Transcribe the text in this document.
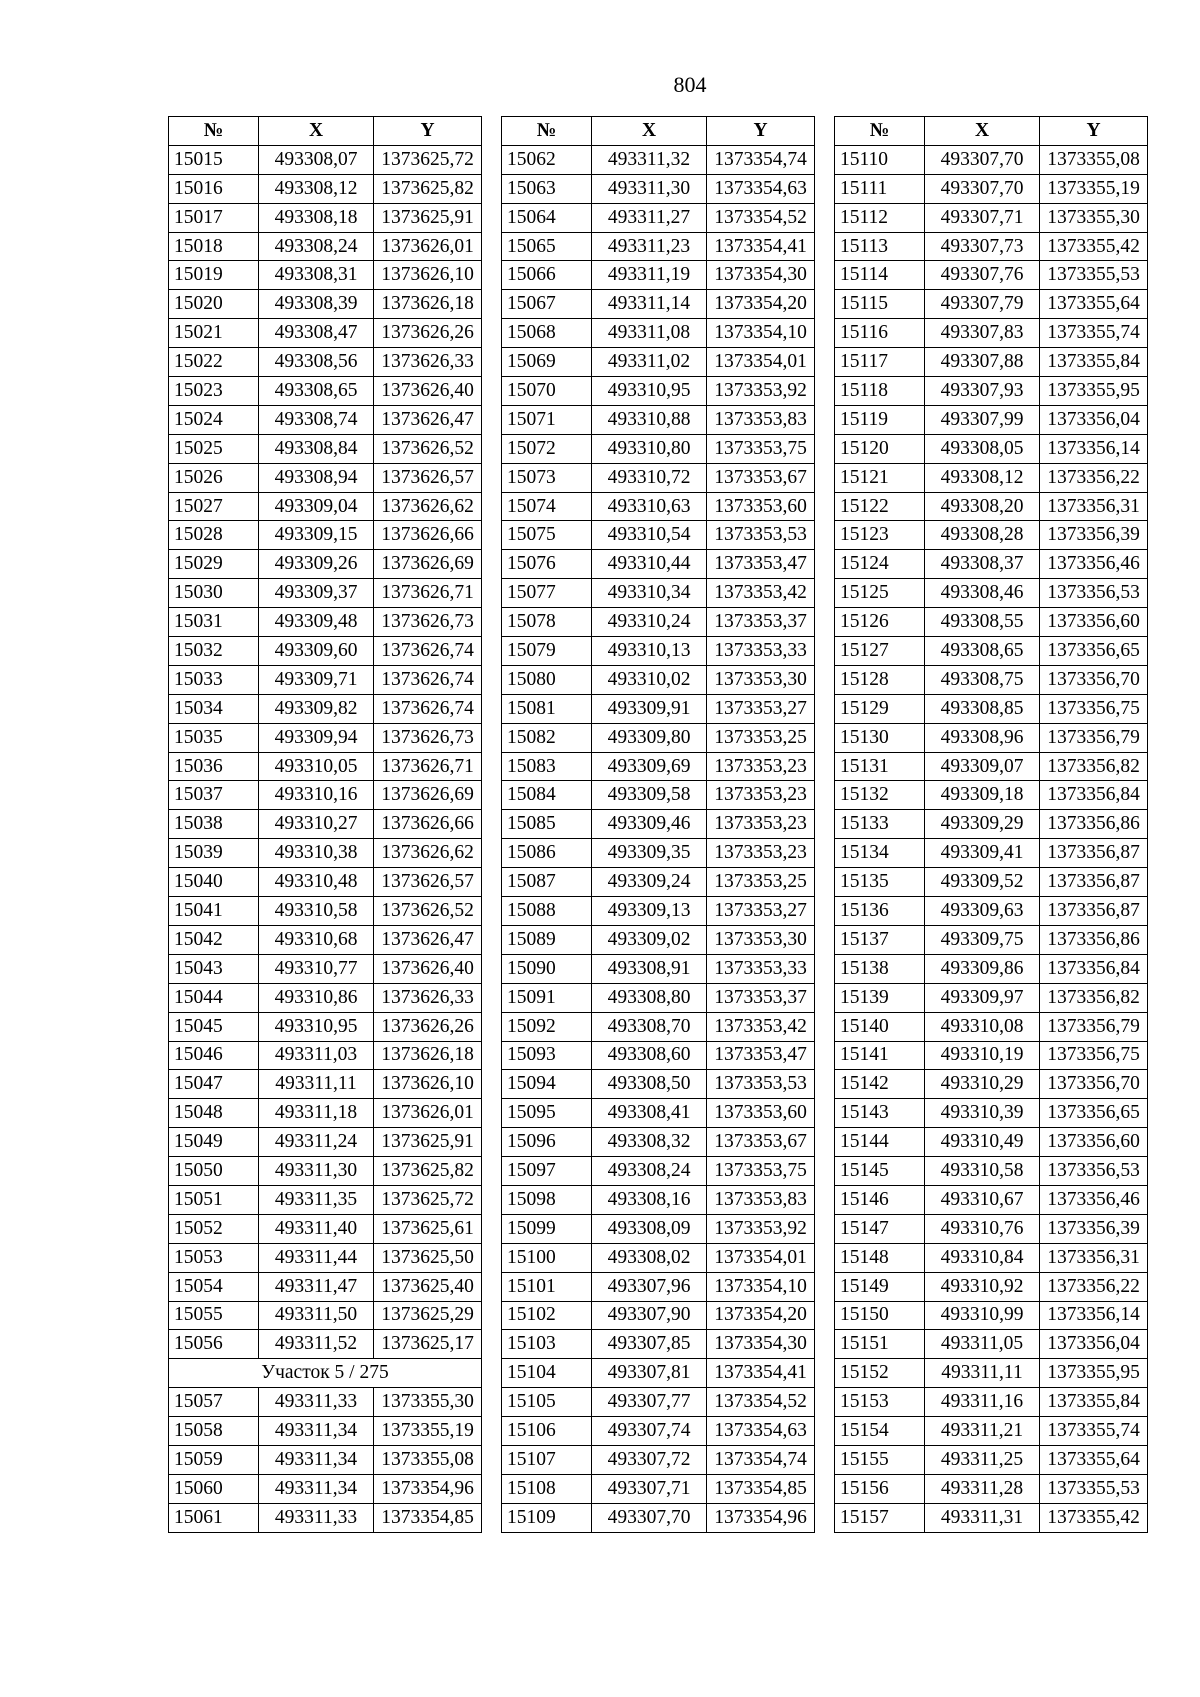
804
№	X	Y
15015	493308,07	1373625,72
15016	493308,12	1373625,82
15017	493308,18	1373625,91
15018	493308,24	1373626,01
15019	493308,31	1373626,10
15020	493308,39	1373626,18
15021	493308,47	1373626,26
15022	493308,56	1373626,33
15023	493308,65	1373626,40
15024	493308,74	1373626,47
15025	493308,84	1373626,52
15026	493308,94	1373626,57
15027	493309,04	1373626,62
15028	493309,15	1373626,66
15029	493309,26	1373626,69
15030	493309,37	1373626,71
15031	493309,48	1373626,73
15032	493309,60	1373626,74
15033	493309,71	1373626,74
15034	493309,82	1373626,74
15035	493309,94	1373626,73
15036	493310,05	1373626,71
15037	493310,16	1373626,69
15038	493310,27	1373626,66
15039	493310,38	1373626,62
15040	493310,48	1373626,57
15041	493310,58	1373626,52
15042	493310,68	1373626,47
15043	493310,77	1373626,40
15044	493310,86	1373626,33
15045	493310,95	1373626,26
15046	493311,03	1373626,18
15047	493311,11	1373626,10
15048	493311,18	1373626,01
15049	493311,24	1373625,91
15050	493311,30	1373625,82
15051	493311,35	1373625,72
15052	493311,40	1373625,61
15053	493311,44	1373625,50
15054	493311,47	1373625,40
15055	493311,50	1373625,29
15056	493311,52	1373625,17
Участок 5 / 275		
15057	493311,33	1373355,30
15058	493311,34	1373355,19
15059	493311,34	1373355,08
15060	493311,34	1373354,96
15061	493311,33	1373354,85
№	X	Y
15062	493311,32	1373354,74
15063	493311,30	1373354,63
15064	493311,27	1373354,52
15065	493311,23	1373354,41
15066	493311,19	1373354,30
15067	493311,14	1373354,20
15068	493311,08	1373354,10
15069	493311,02	1373354,01
15070	493310,95	1373353,92
15071	493310,88	1373353,83
15072	493310,80	1373353,75
15073	493310,72	1373353,67
15074	493310,63	1373353,60
15075	493310,54	1373353,53
15076	493310,44	1373353,47
15077	493310,34	1373353,42
15078	493310,24	1373353,37
15079	493310,13	1373353,33
15080	493310,02	1373353,30
15081	493309,91	1373353,27
15082	493309,80	1373353,25
15083	493309,69	1373353,23
15084	493309,58	1373353,23
15085	493309,46	1373353,23
15086	493309,35	1373353,23
15087	493309,24	1373353,25
15088	493309,13	1373353,27
15089	493309,02	1373353,30
15090	493308,91	1373353,33
15091	493308,80	1373353,37
15092	493308,70	1373353,42
15093	493308,60	1373353,47
15094	493308,50	1373353,53
15095	493308,41	1373353,60
15096	493308,32	1373353,67
15097	493308,24	1373353,75
15098	493308,16	1373353,83
15099	493308,09	1373353,92
15100	493308,02	1373354,01
15101	493307,96	1373354,10
15102	493307,90	1373354,20
15103	493307,85	1373354,30
15104	493307,81	1373354,41
15105	493307,77	1373354,52
15106	493307,74	1373354,63
15107	493307,72	1373354,74
15108	493307,71	1373354,85
15109	493307,70	1373354,96
№	X	Y
15110	493307,70	1373355,08
15111	493307,70	1373355,19
15112	493307,71	1373355,30
15113	493307,73	1373355,42
15114	493307,76	1373355,53
15115	493307,79	1373355,64
15116	493307,83	1373355,74
15117	493307,88	1373355,84
15118	493307,93	1373355,95
15119	493307,99	1373356,04
15120	493308,05	1373356,14
15121	493308,12	1373356,22
15122	493308,20	1373356,31
15123	493308,28	1373356,39
15124	493308,37	1373356,46
15125	493308,46	1373356,53
15126	493308,55	1373356,60
15127	493308,65	1373356,65
15128	493308,75	1373356,70
15129	493308,85	1373356,75
15130	493308,96	1373356,79
15131	493309,07	1373356,82
15132	493309,18	1373356,84
15133	493309,29	1373356,86
15134	493309,41	1373356,87
15135	493309,52	1373356,87
15136	493309,63	1373356,87
15137	493309,75	1373356,86
15138	493309,86	1373356,84
15139	493309,97	1373356,82
15140	493310,08	1373356,79
15141	493310,19	1373356,75
15142	493310,29	1373356,70
15143	493310,39	1373356,65
15144	493310,49	1373356,60
15145	493310,58	1373356,53
15146	493310,67	1373356,46
15147	493310,76	1373356,39
15148	493310,84	1373356,31
15149	493310,92	1373356,22
15150	493310,99	1373356,14
15151	493311,05	1373356,04
15152	493311,11	1373355,95
15153	493311,16	1373355,84
15154	493311,21	1373355,74
15155	493311,25	1373355,64
15156	493311,28	1373355,53
15157	493311,31	1373355,42
